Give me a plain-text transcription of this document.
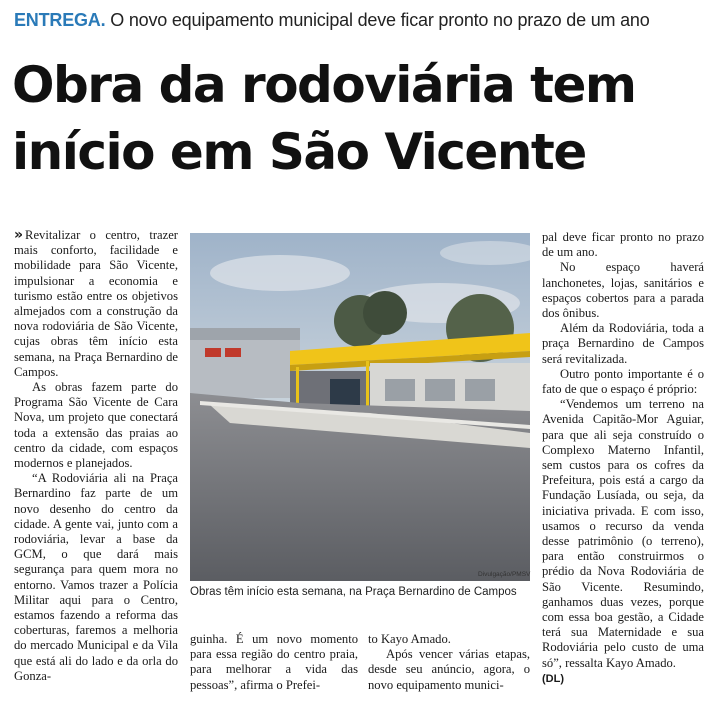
ENTREGA. O novo equipamento municipal deve ficar pronto no prazo de um ano
Obra da rodoviária tem
início em São Vicente

» Revitalizar o centro, trazer mais conforto, facilidade e mobilidade para São Vicente, impulsionar a economia e turismo estão entre os objetivos almejados com a construção da nova rodoviária de São Vicente, cujas obras têm início esta semana, na Praça Bernardino de Campos.

As obras fazem parte do Programa São Vicente de Cara Nova, um projeto que conectará toda a extensão das praias ao centro da cidade, com espaços modernos e planejados.

“A Rodoviária ali na Praça Bernardino faz parte de um novo desenho do centro da cidade. A gente vai, junto com a rodoviária, levar a base da GCM, o que dará mais segurança para quem mora no entorno. Vamos trazer a Polícia Militar aqui para o Centro, estamos fazendo a reforma das coberturas, faremos a melhoria do mercado Municipal e da Vila que está ali do lado e da orla do Gonza-

Divulgação/PMSV
Obras têm início esta semana, na Praça Bernardino de Campos

guinha. É um novo momento para essa região do centro praia, para melhorar a vida das pessoas”, afirma o Prefei-

to Kayo Amado.

Após vencer várias etapas, desde seu anúncio, agora, o novo equipamento munici-

pal deve ficar pronto no prazo de um ano.

No espaço haverá lanchonetes, lojas, sanitários e espaços cobertos para a parada dos ônibus.

Além da Rodoviária, toda a praça Bernardino de Campos será revitalizada.

Outro ponto importante é o fato de que o espaço é próprio:

“Vendemos um terreno na Avenida Capitão-Mor Aguiar, para que ali seja construído o Complexo Materno Infantil, sem custos para os cofres da Prefeitura, pois está a cargo da Fundação Lusíada, ou seja, da iniciativa privada. E com isso, usamos o recurso da venda desse patrimônio (o terreno), para então construirmos o prédio da Nova Rodoviária de São Vicente. Resumindo, ganhamos duas vezes, porque com essa boa gestão, a Cidade terá sua Maternidade e sua Rodoviária pelo custo de uma só”, ressalta Kayo Amado.

(DL)
